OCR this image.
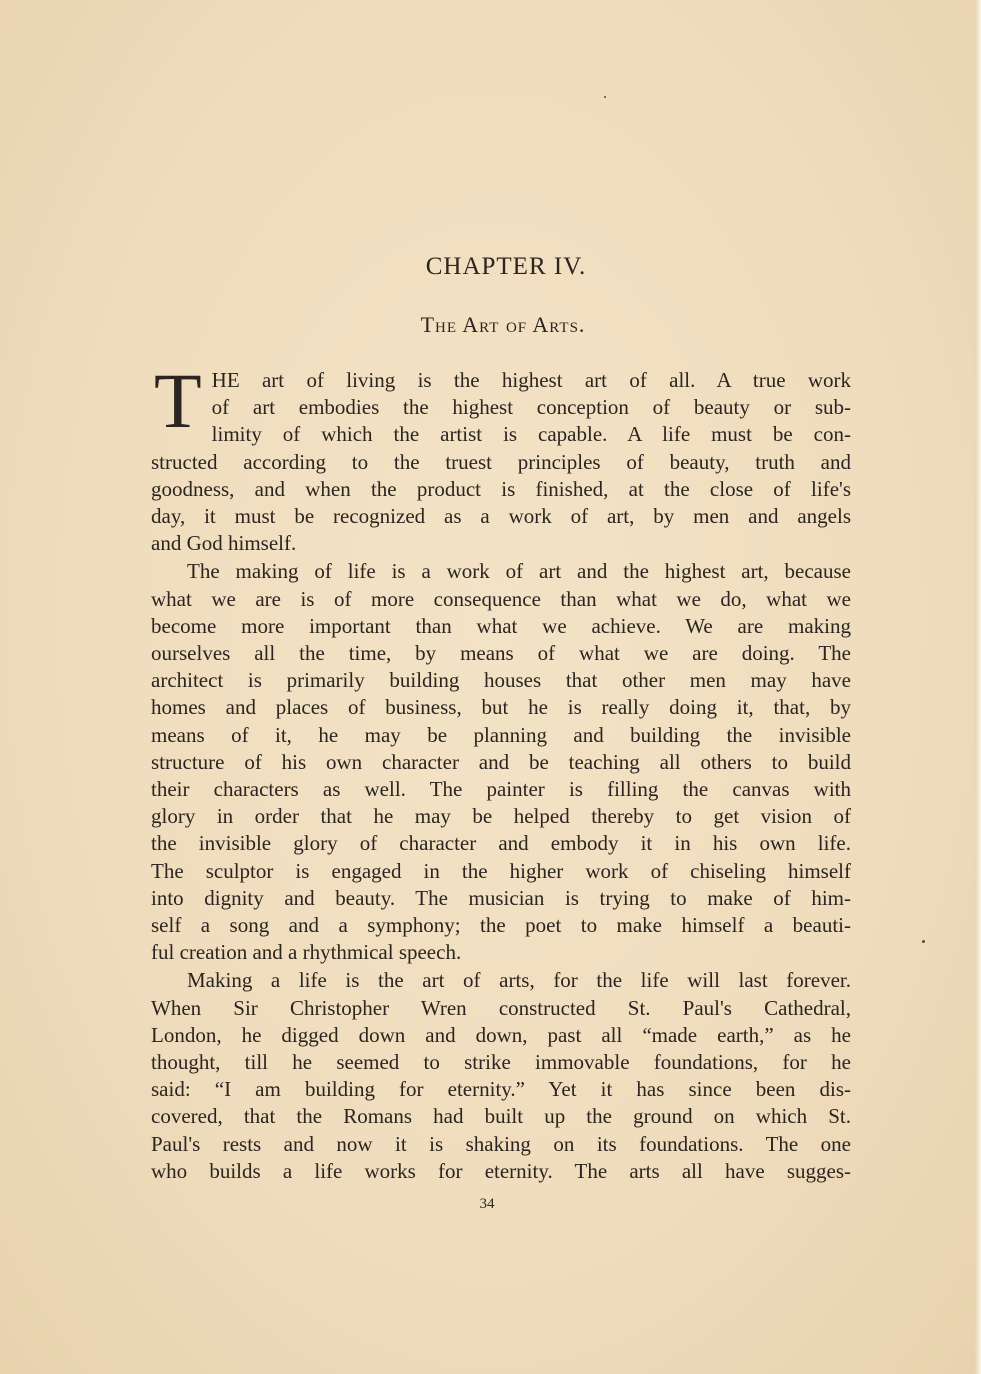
CHAPTER IV.
The Art of Arts.
T HE art of living is the highest art of all. A true work
of art embodies the highest conception of beauty or sub-
limity of which the artist is capable. A life must be con-
structed according to the truest principles of beauty, truth and
goodness, and when the product is finished, at the close of life's
day, it must be recognized as a work of art, by men and angels
and God himself.
The making of life is a work of art and the highest art, because
what we are is of more consequence than what we do, what we
become more important than what we achieve. We are making
ourselves all the time, by means of what we are doing. The
architect is primarily building houses that other men may have
homes and places of business, but he is really doing it, that, by
means of it, he may be planning and building the invisible
structure of his own character and be teaching all others to build
their characters as well. The painter is filling the canvas with
glory in order that he may be helped thereby to get vision of
the invisible glory of character and embody it in his own life.
The sculptor is engaged in the higher work of chiseling himself
into dignity and beauty. The musician is trying to make of him-
self a song and a symphony; the poet to make himself a beauti-
ful creation and a rhythmical speech.
Making a life is the art of arts, for the life will last forever.
When Sir Christopher Wren constructed St. Paul's Cathedral,
London, he digged down and down, past all “made earth,” as he
thought, till he seemed to strike immovable foundations, for he
said: “I am building for eternity.” Yet it has since been dis-
covered, that the Romans had built up the ground on which St.
Paul's rests and now it is shaking on its foundations. The one
who builds a life works for eternity. The arts all have sugges-
34
